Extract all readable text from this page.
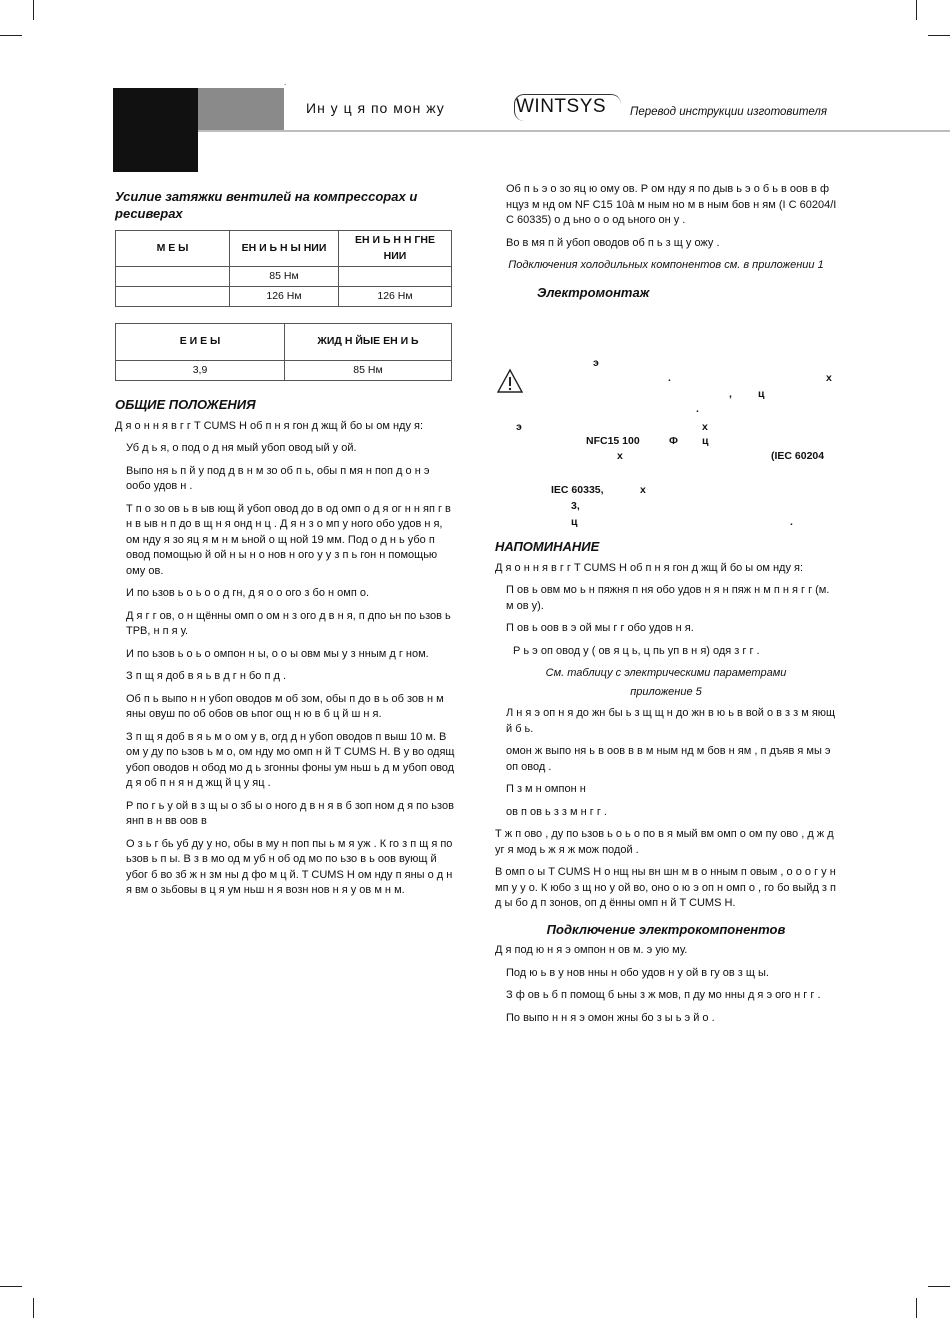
.
Ин у ц я по мон жу	WINTSYS Перевод инструкции изготовителя
Усилие затяжки вентилей на компрессорах и ресиверах
М Е Ы	ЕН И Ь Н Ы НИИ	ЕН И Ь Н Н ГНЕ НИИ
	85 Нм	
	126 Нм	126 Нм
Е И Е Ы	ЖИД Н ЙЫЕ ЕН И Ь
3,9	85 Нм
ОБЩИЕ ПОЛОЖЕНИЯ

Д я о н н я в г г T CUMS H об п н я гон д жщ й бо ы ом нду я:

Уб д ь я, о под о д ня мый убоп овод ый у ой.

Выпо ня ь п й у под д в н м зо об п ь, обы п мя н поп д о н э ообо удов н .

Т п о зо ов ь в ыв ющ й убоп овод до в од омп о д я ог н н яп г в н в ыв н п до в щ н я онд н ц . Д я н з о мп у ного обо удов н я, ом нду я зо яц я м н м ьной о щ ной 19 мм. Под о д н ь убо п овод помощью й ой н ы н о нов н ого у у з п ь гон н помощью ому ов.

И по ьзов ь о ь о о д гн, д я о о ого з бо н омп о.

Д я г г ов, о н щённы омп о ом н з ого д в н я, п дпо ьн по ьзов ь TPB, н п я у.

И по ьзов ь о ь о омпон н ы, о о ы овм мы у з нным д г ном.

З п щ я доб в я ь в д г н бо п д .

Об п ь выпо н н убоп оводов м об зом, обы п до в ь об зов н м яны овуш по об обов ов ьпог ощ н ю в б ц й ш н я.

З п щ я доб в я ь м о ом у в, огд д н убоп оводов п выш 10 м. В ом у ду по ьзов ь м о, ом нду мо омп н й T CUMS H. В у во одящ убоп оводов н обод мо д ь згонны фоны ум ньш ь д м убоп овод д я об п н я н д жщ й ц у яц .

Р по г ь у ой в з щ ы о зб ы о ного д в н я в б зоп ном д я по ьзов янп в н вв оов в

О з ь г бь уб ду у но, обы в му н поп пы ь м я уж . К го з п щ я по ьзов ь п ы. В з в мо од м уб н об од мо по ьзо в ь оов вующ й убог б во зб ж н зм ны д фо м ц й. T CUMS H ом нду п яны о д н я вм о зьбовы в ц я ум ньш н я возн нов н я у ов м н м.

Об п ь э о зо яц ю ому ов. Р ом нду я по дыв ь э о б ь в оов в ф нцуз м нд ом NF C15 10à м ным но м в ным бов н ям (I C 60204/I C 60335) о д ьно о о од ьного он у .

Во в мя п й убоп оводов об п ь з щ у ожу .

Подключения холодильных компонентов см. в приложении 1
Электромонтаж
э
.	х
, ц
.
э	х
NFC15 100	Ф ц
х	(IEC 60204
IEC 60335,	х
3,
ц	.
НАПОМИНАНИЕ

Д я о н н я в г г T CUMS H об п н я гон д жщ й бо ы ом нду я:

П ов ь овм мо ь н пяжня п ня обо удов н я н пяж н м п н я г г (м. м ов у).

П ов ь оов в э ой мы г г обо удов н я.

Р ь э оп овод у ( ов я ц ь, ц пь уп в н я) одя з г г .

См. таблицу с электрическими параметрами
приложение 5

Л н я э оп н я до жн бы ь з щ щ н до жн в ю ь в вой о в з з м яющ й б ь.

омон ж выпо ня ь в оов в в м ным нд м бов н ям , п дъяв я мы э оп овод .

П з м н омпон н

ов п ов ь з з м н г г .

Т ж п ово , ду по ьзов ь о ь о по в я мый вм омп о ом пу ово , д ж д уг я мод ь ж я ж мож подой .

В омп о ы T CUMS H о нщ ны вн шн м в о нным п овым , о о о г у н мп у у о. К юбо з щ но у ой во, оно о ю э оп н омп о , го бо выйд з п д ы бо д п зонов, оп д ённы омп н й T CUMS H.

Подключение электрокомпонентов

Д я под ю н я э омпон н ов м. э ую му.

Под ю ь в у нов нны н обо удов н у ой в гу ов з щ ы.

З ф ов ь б п помощ б ьны з ж мов, п ду мо нны д я э ого н г г .

По выпо н н я э омон жны бо з ы ь э й о .
